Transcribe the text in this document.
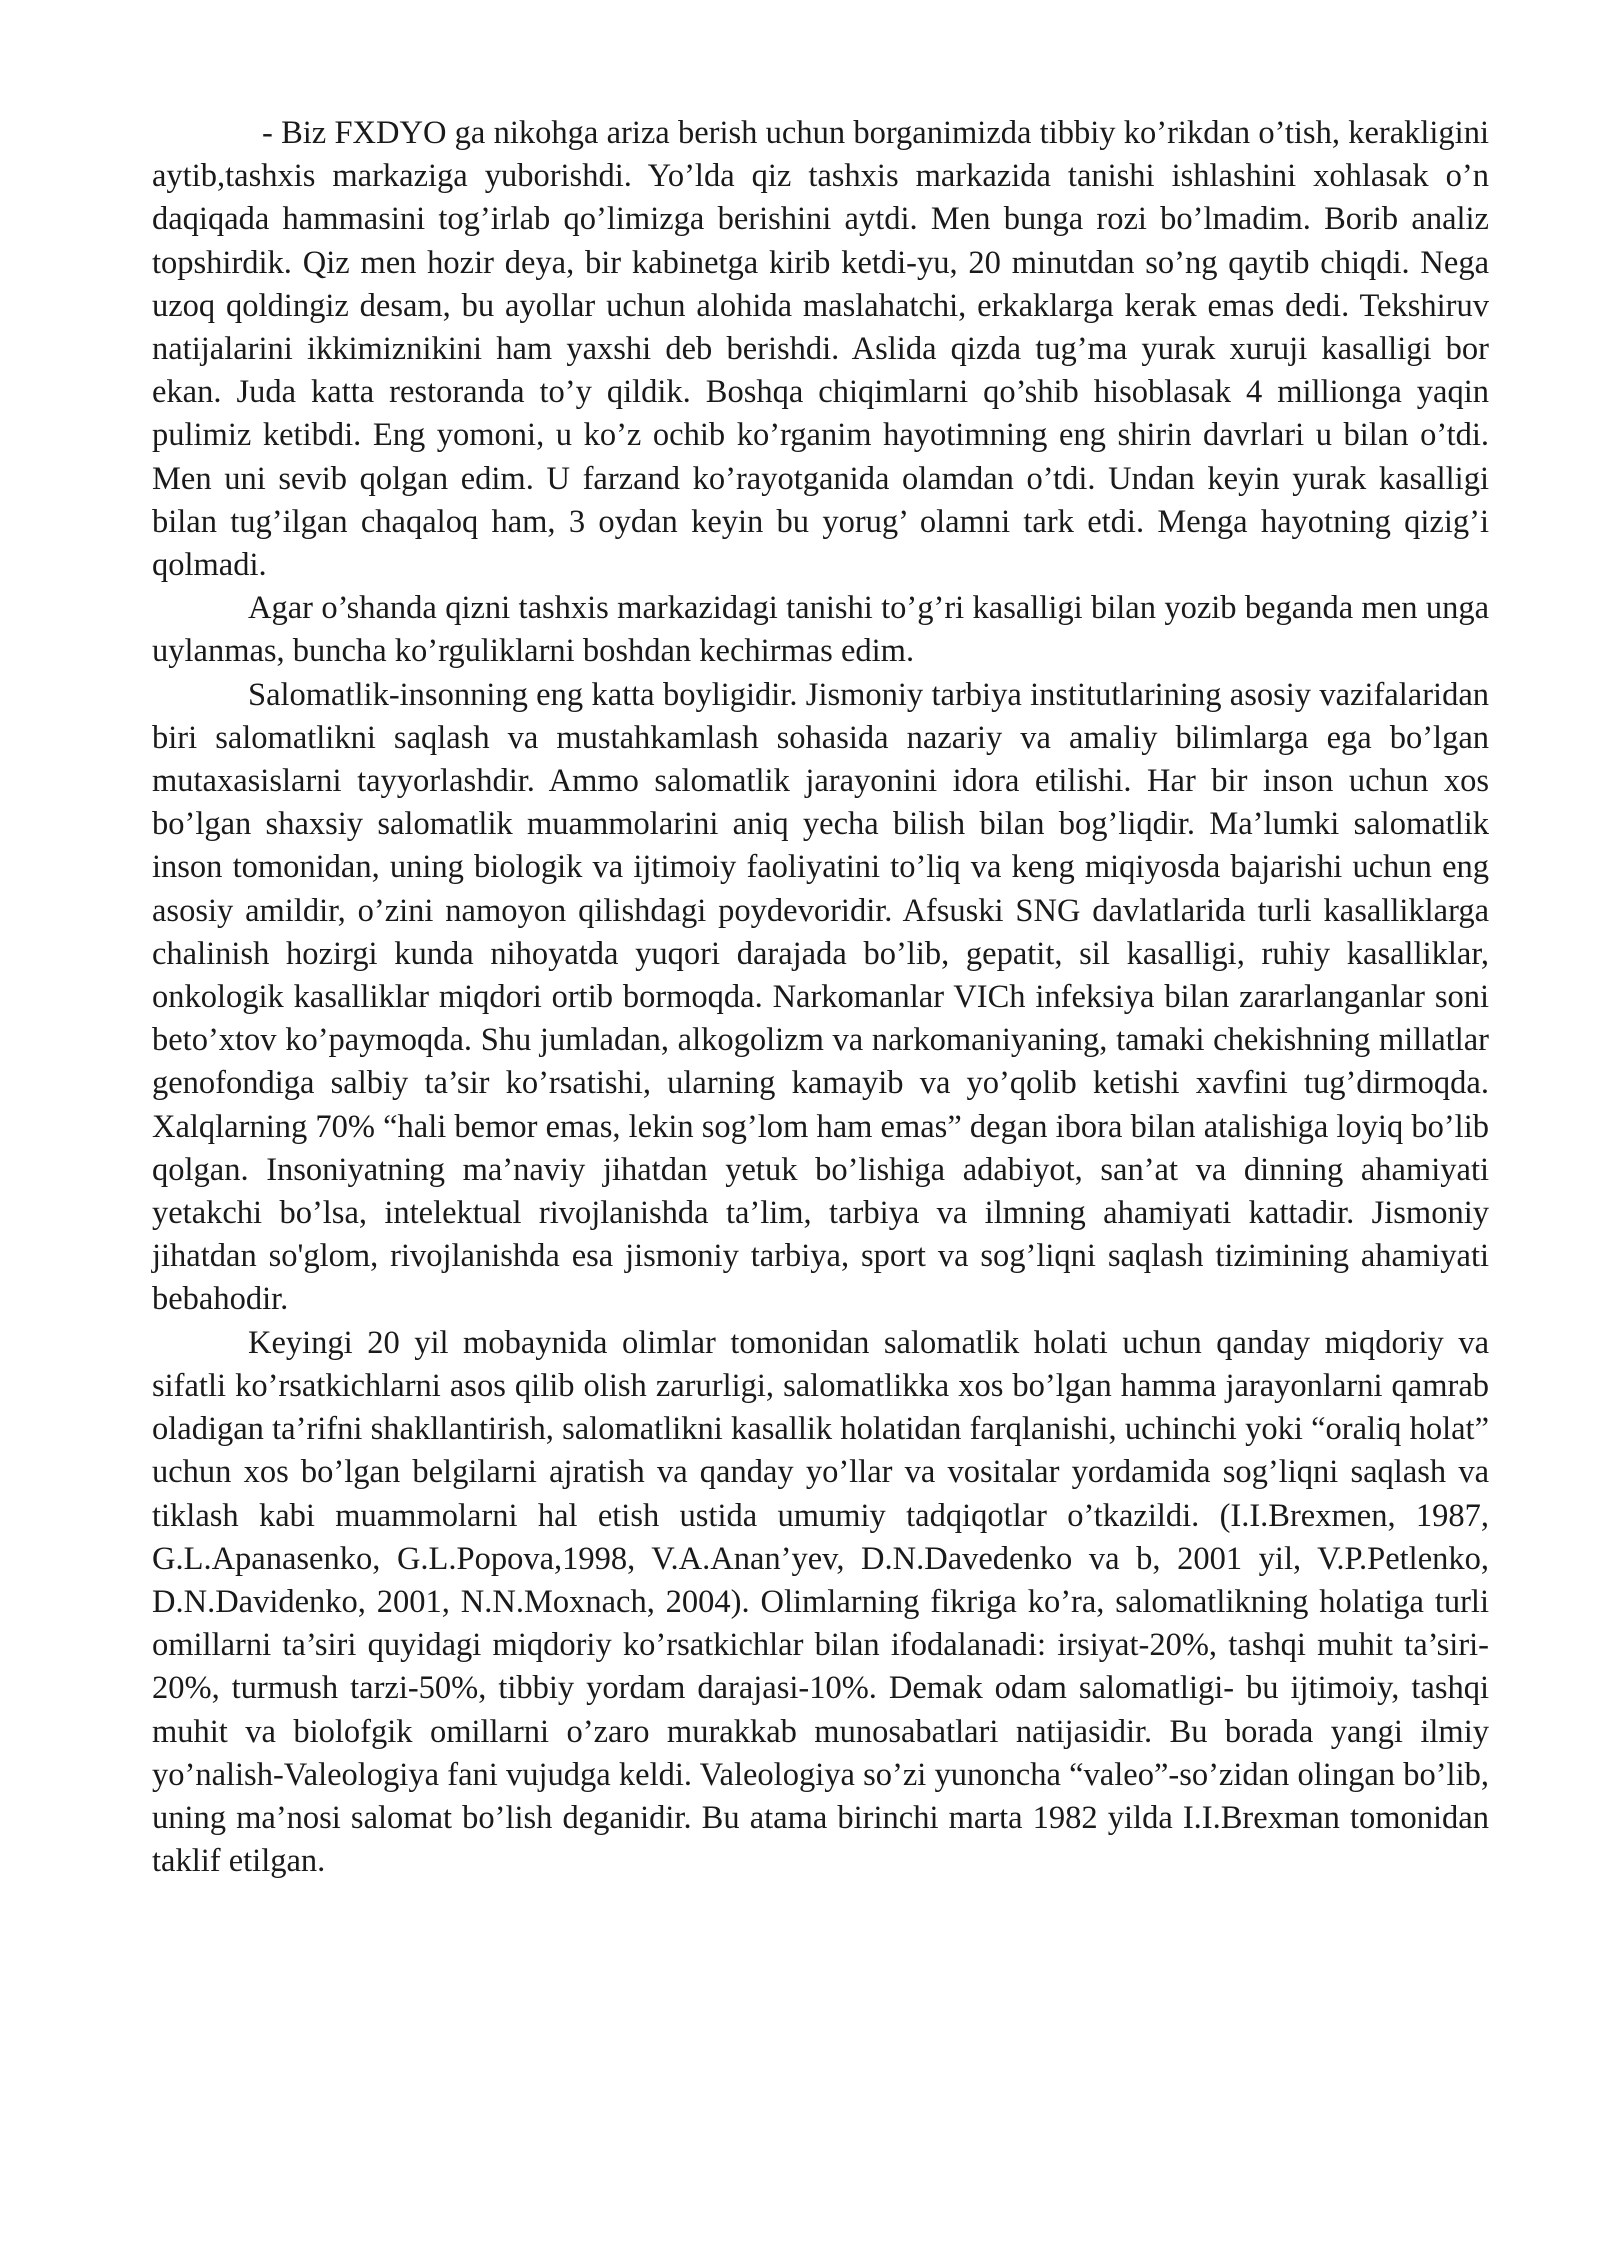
- Biz FXDYO ga nikohga ariza berish uchun borganimizda tibbiy ko’rikdan o’tish, kerakligini aytib,tashxis markaziga yuborishdi. Yo’lda qiz tashxis markazida tanishi ishlashini xohlasak o’n daqiqada hammasini tog’irlab qo’limizga berishini aytdi. Men bunga rozi bo’lmadim. Borib analiz topshirdik. Qiz men hozir deya, bir kabinetga kirib ketdi-yu, 20 minutdan so’ng qaytib chiqdi. Nega uzoq qoldingiz desam, bu ayollar uchun alohida maslahatchi, erkaklarga kerak emas dedi. Tekshiruv natijalarini ikkimiznikini ham yaxshi deb berishdi. Aslida qizda tug’ma yurak xuruji kasalligi bor ekan. Juda katta restoranda to’y qildik. Boshqa chiqimlarni qo’shib hisoblasak 4 millionga yaqin pulimiz ketibdi. Eng yomoni, u ko’z ochib ko’rganim hayotimning eng shirin davrlari u bilan o’tdi. Men uni sevib qolgan edim. U farzand ko’rayotganida olamdan o’tdi. Undan keyin yurak kasalligi bilan tug’ilgan chaqaloq ham, 3 oydan keyin bu yorug’ olamni tark etdi. Menga hayotning qizig’i qolmadi.

Agar o’shanda qizni tashxis markazidagi tanishi to’g’ri kasalligi bilan yozib beganda men unga uylanmas, buncha ko’rguliklarni boshdan kechirmas edim.

Salomatlik-insonning eng katta boyligidir. Jismoniy tarbiya institutlarining asosiy vazifalaridan biri salomatlikni saqlash va mustahkamlash sohasida nazariy va amaliy bilimlarga ega bo’lgan mutaxasislarni tayyorlashdir. Ammo salomatlik jarayonini idora etilishi. Har bir inson uchun xos bo’lgan shaxsiy salomatlik muammolarini aniq yecha bilish bilan bog’liqdir. Ma’lumki salomatlik inson tomonidan, uning biologik va ijtimoiy faoliyatini to’liq va keng miqiyosda bajarishi uchun eng asosiy amildir, o’zini namoyon qilishdagi poydevoridir. Afsuski SNG davlatlarida turli kasalliklarga chalinish hozirgi kunda nihoyatda yuqori darajada bo’lib, gepatit, sil kasalligi, ruhiy kasalliklar, onkologik kasalliklar miqdori ortib bormoqda. Narkomanlar VICh infeksiya bilan zararlanganlar soni beto’xtov ko’paymoqda. Shu jumladan, alkogolizm va narkomaniyaning, tamaki chekishning millatlar genofondiga salbiy ta’sir ko’rsatishi, ularning kamayib va yo’qolib ketishi xavfini tug’dirmoqda. Xalqlarning 70% “hali bemor emas, lekin sog’lom ham emas” degan ibora bilan atalishiga loyiq bo’lib qolgan. Insoniyatning ma’naviy jihatdan yetuk bo’lishiga adabiyot, san’at va dinning ahamiyati yetakchi bo’lsa, intelektual rivojlanishda ta’lim, tarbiya va ilmning ahamiyati kattadir. Jismoniy jihatdan so'glom, rivojlanishda esa jismoniy tarbiya, sport va sog’liqni saqlash tizimining ahamiyati bebahodir.

Keyingi 20 yil mobaynida olimlar tomonidan salomatlik holati uchun qanday miqdoriy va sifatli ko’rsatkichlarni asos qilib olish zarurligi, salomatlikka xos bo’lgan hamma jarayonlarni qamrab oladigan ta’rifni shakllantirish, salomatlikni kasallik holatidan farqlanishi, uchinchi yoki “oraliq holat” uchun xos bo’lgan belgilarni ajratish va qanday yo’llar va vositalar yordamida sog’liqni saqlash va tiklash kabi muammolarni hal etish ustida umumiy tadqiqotlar o’tkazildi. (I.I.Brexmen, 1987, G.L.Apanasenko, G.L.Popova,1998, V.A.Anan’yev, D.N.Davedenko va b, 2001 yil, V.P.Petlenko, D.N.Davidenko, 2001, N.N.Moxnach, 2004). Olimlarning fikriga ko’ra, salomatlikning holatiga turli omillarni ta’siri quyidagi miqdoriy ko’rsatkichlar bilan ifodalanadi: irsiyat-20%, tashqi muhit ta’siri-20%, turmush tarzi-50%, tibbiy yordam darajasi-10%. Demak odam salomatligi- bu ijtimoiy, tashqi muhit va biolofgik omillarni o’zaro murakkab munosabatlari natijasidir. Bu borada yangi ilmiy yo’nalish-Valeologiya fani vujudga keldi. Valeologiya so’zi yunoncha “valeo”-so’zidan olingan bo’lib, uning ma’nosi salomat bo’lish deganidir. Bu atama birinchi marta 1982 yilda I.I.Brexman tomonidan taklif etilgan.
